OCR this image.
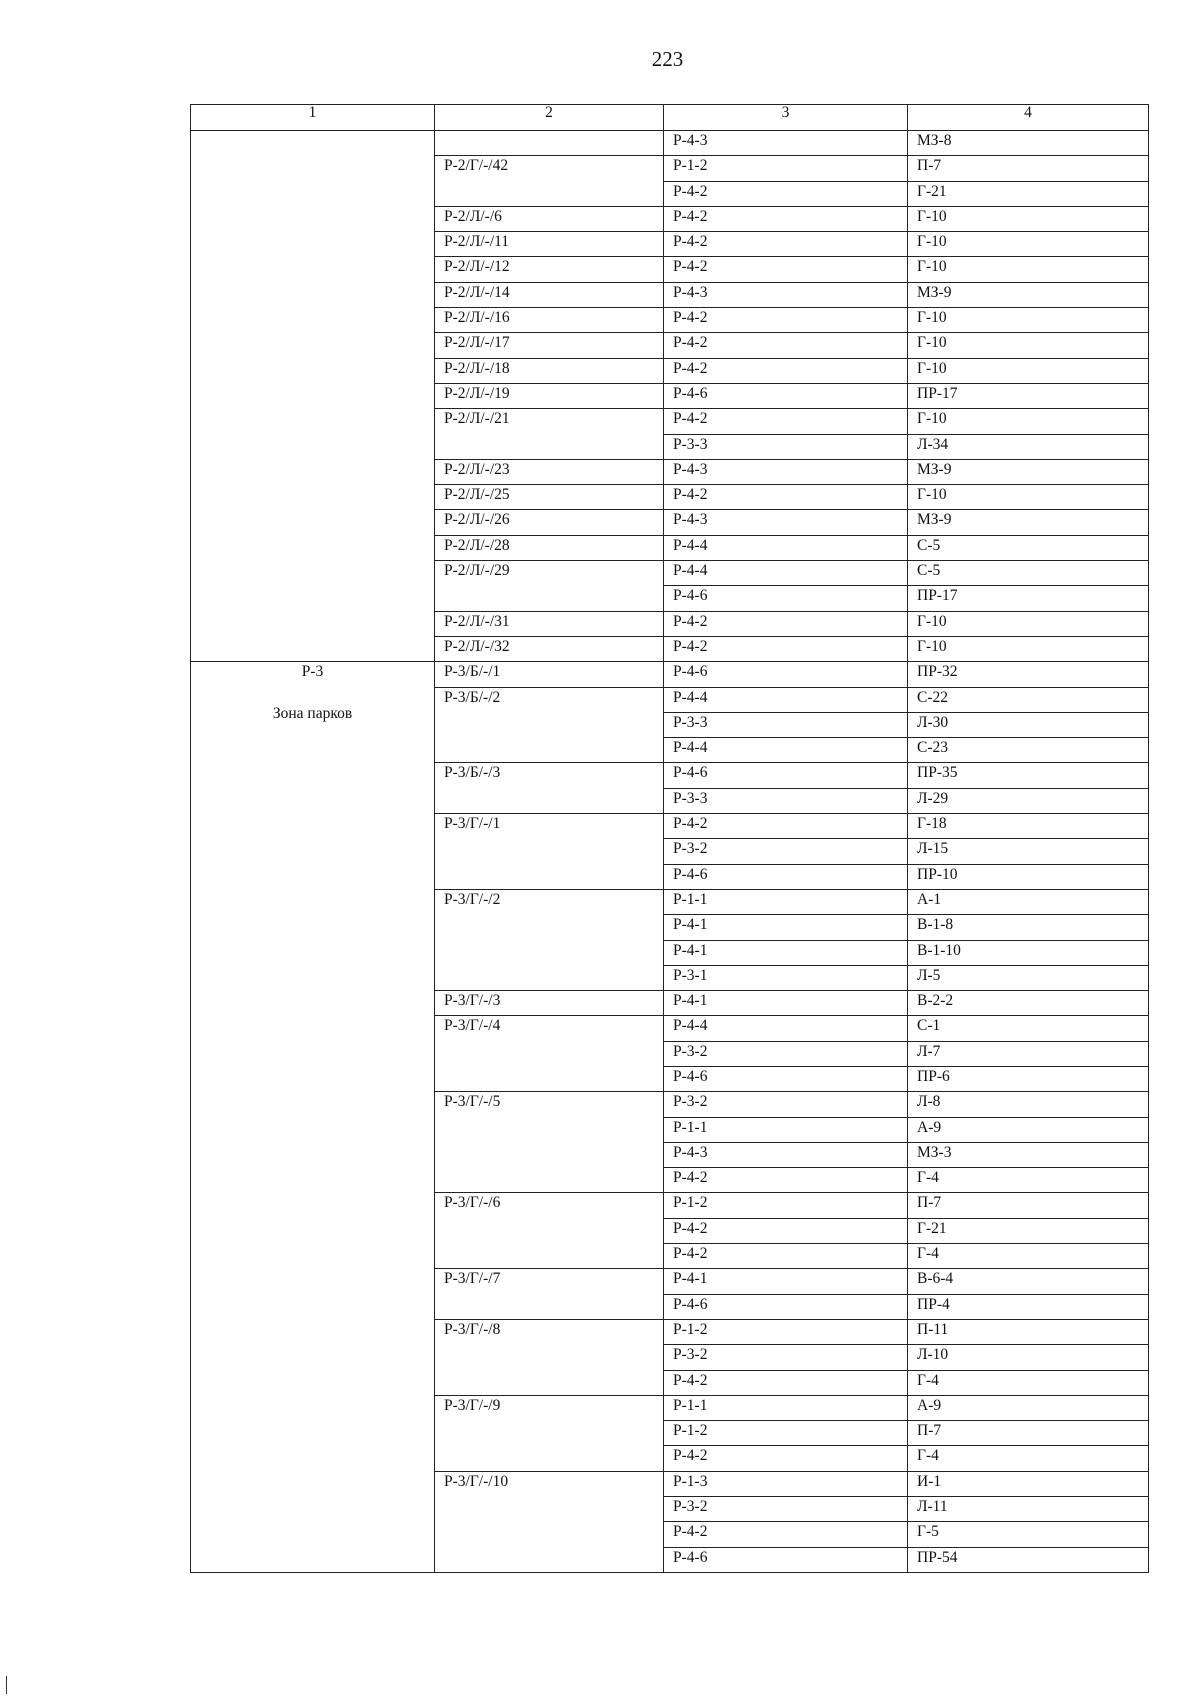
223
1	2	3	4

		Р-4-3	МЗ-8
	Р-2/Г/-/42	Р-1-2	П-7
		Р-4-2	Г-21
	Р-2/Л/-/6	Р-4-2	Г-10
	Р-2/Л/-/11	Р-4-2	Г-10
	Р-2/Л/-/12	Р-4-2	Г-10
	Р-2/Л/-/14	Р-4-3	МЗ-9
	Р-2/Л/-/16	Р-4-2	Г-10
	Р-2/Л/-/17	Р-4-2	Г-10
	Р-2/Л/-/18	Р-4-2	Г-10
	Р-2/Л/-/19	Р-4-6	ПР-17
	Р-2/Л/-/21	Р-4-2	Г-10
		Р-3-3	Л-34
	Р-2/Л/-/23	Р-4-3	МЗ-9
	Р-2/Л/-/25	Р-4-2	Г-10
	Р-2/Л/-/26	Р-4-3	МЗ-9
	Р-2/Л/-/28	Р-4-4	С-5
	Р-2/Л/-/29	Р-4-4	С-5
		Р-4-6	ПР-17
	Р-2/Л/-/31	Р-4-2	Г-10
	Р-2/Л/-/32	Р-4-2	Г-10

Р-3
Зона парков	Р-3/Б/-/1	Р-4-6	ПР-32
	Р-3/Б/-/2	Р-4-4	С-22
		Р-3-3	Л-30
		Р-4-4	С-23
	Р-3/Б/-/3	Р-4-6	ПР-35
		Р-3-3	Л-29
	Р-3/Г/-/1	Р-4-2	Г-18
		Р-3-2	Л-15
		Р-4-6	ПР-10
	Р-3/Г/-/2	Р-1-1	А-1
		Р-4-1	В-1-8
		Р-4-1	В-1-10
		Р-3-1	Л-5
	Р-3/Г/-/3	Р-4-1	В-2-2
	Р-3/Г/-/4	Р-4-4	С-1
		Р-3-2	Л-7
		Р-4-6	ПР-6
	Р-3/Г/-/5	Р-3-2	Л-8
		Р-1-1	А-9
		Р-4-3	МЗ-3
		Р-4-2	Г-4
	Р-3/Г/-/6	Р-1-2	П-7
		Р-4-2	Г-21
		Р-4-2	Г-4
	Р-3/Г/-/7	Р-4-1	В-6-4
		Р-4-6	ПР-4
	Р-3/Г/-/8	Р-1-2	П-11
		Р-3-2	Л-10
		Р-4-2	Г-4
	Р-3/Г/-/9	Р-1-1	А-9
		Р-1-2	П-7
		Р-4-2	Г-4
	Р-3/Г/-/10	Р-1-3	И-1
		Р-3-2	Л-11
		Р-4-2	Г-5
		Р-4-6	ПР-54
